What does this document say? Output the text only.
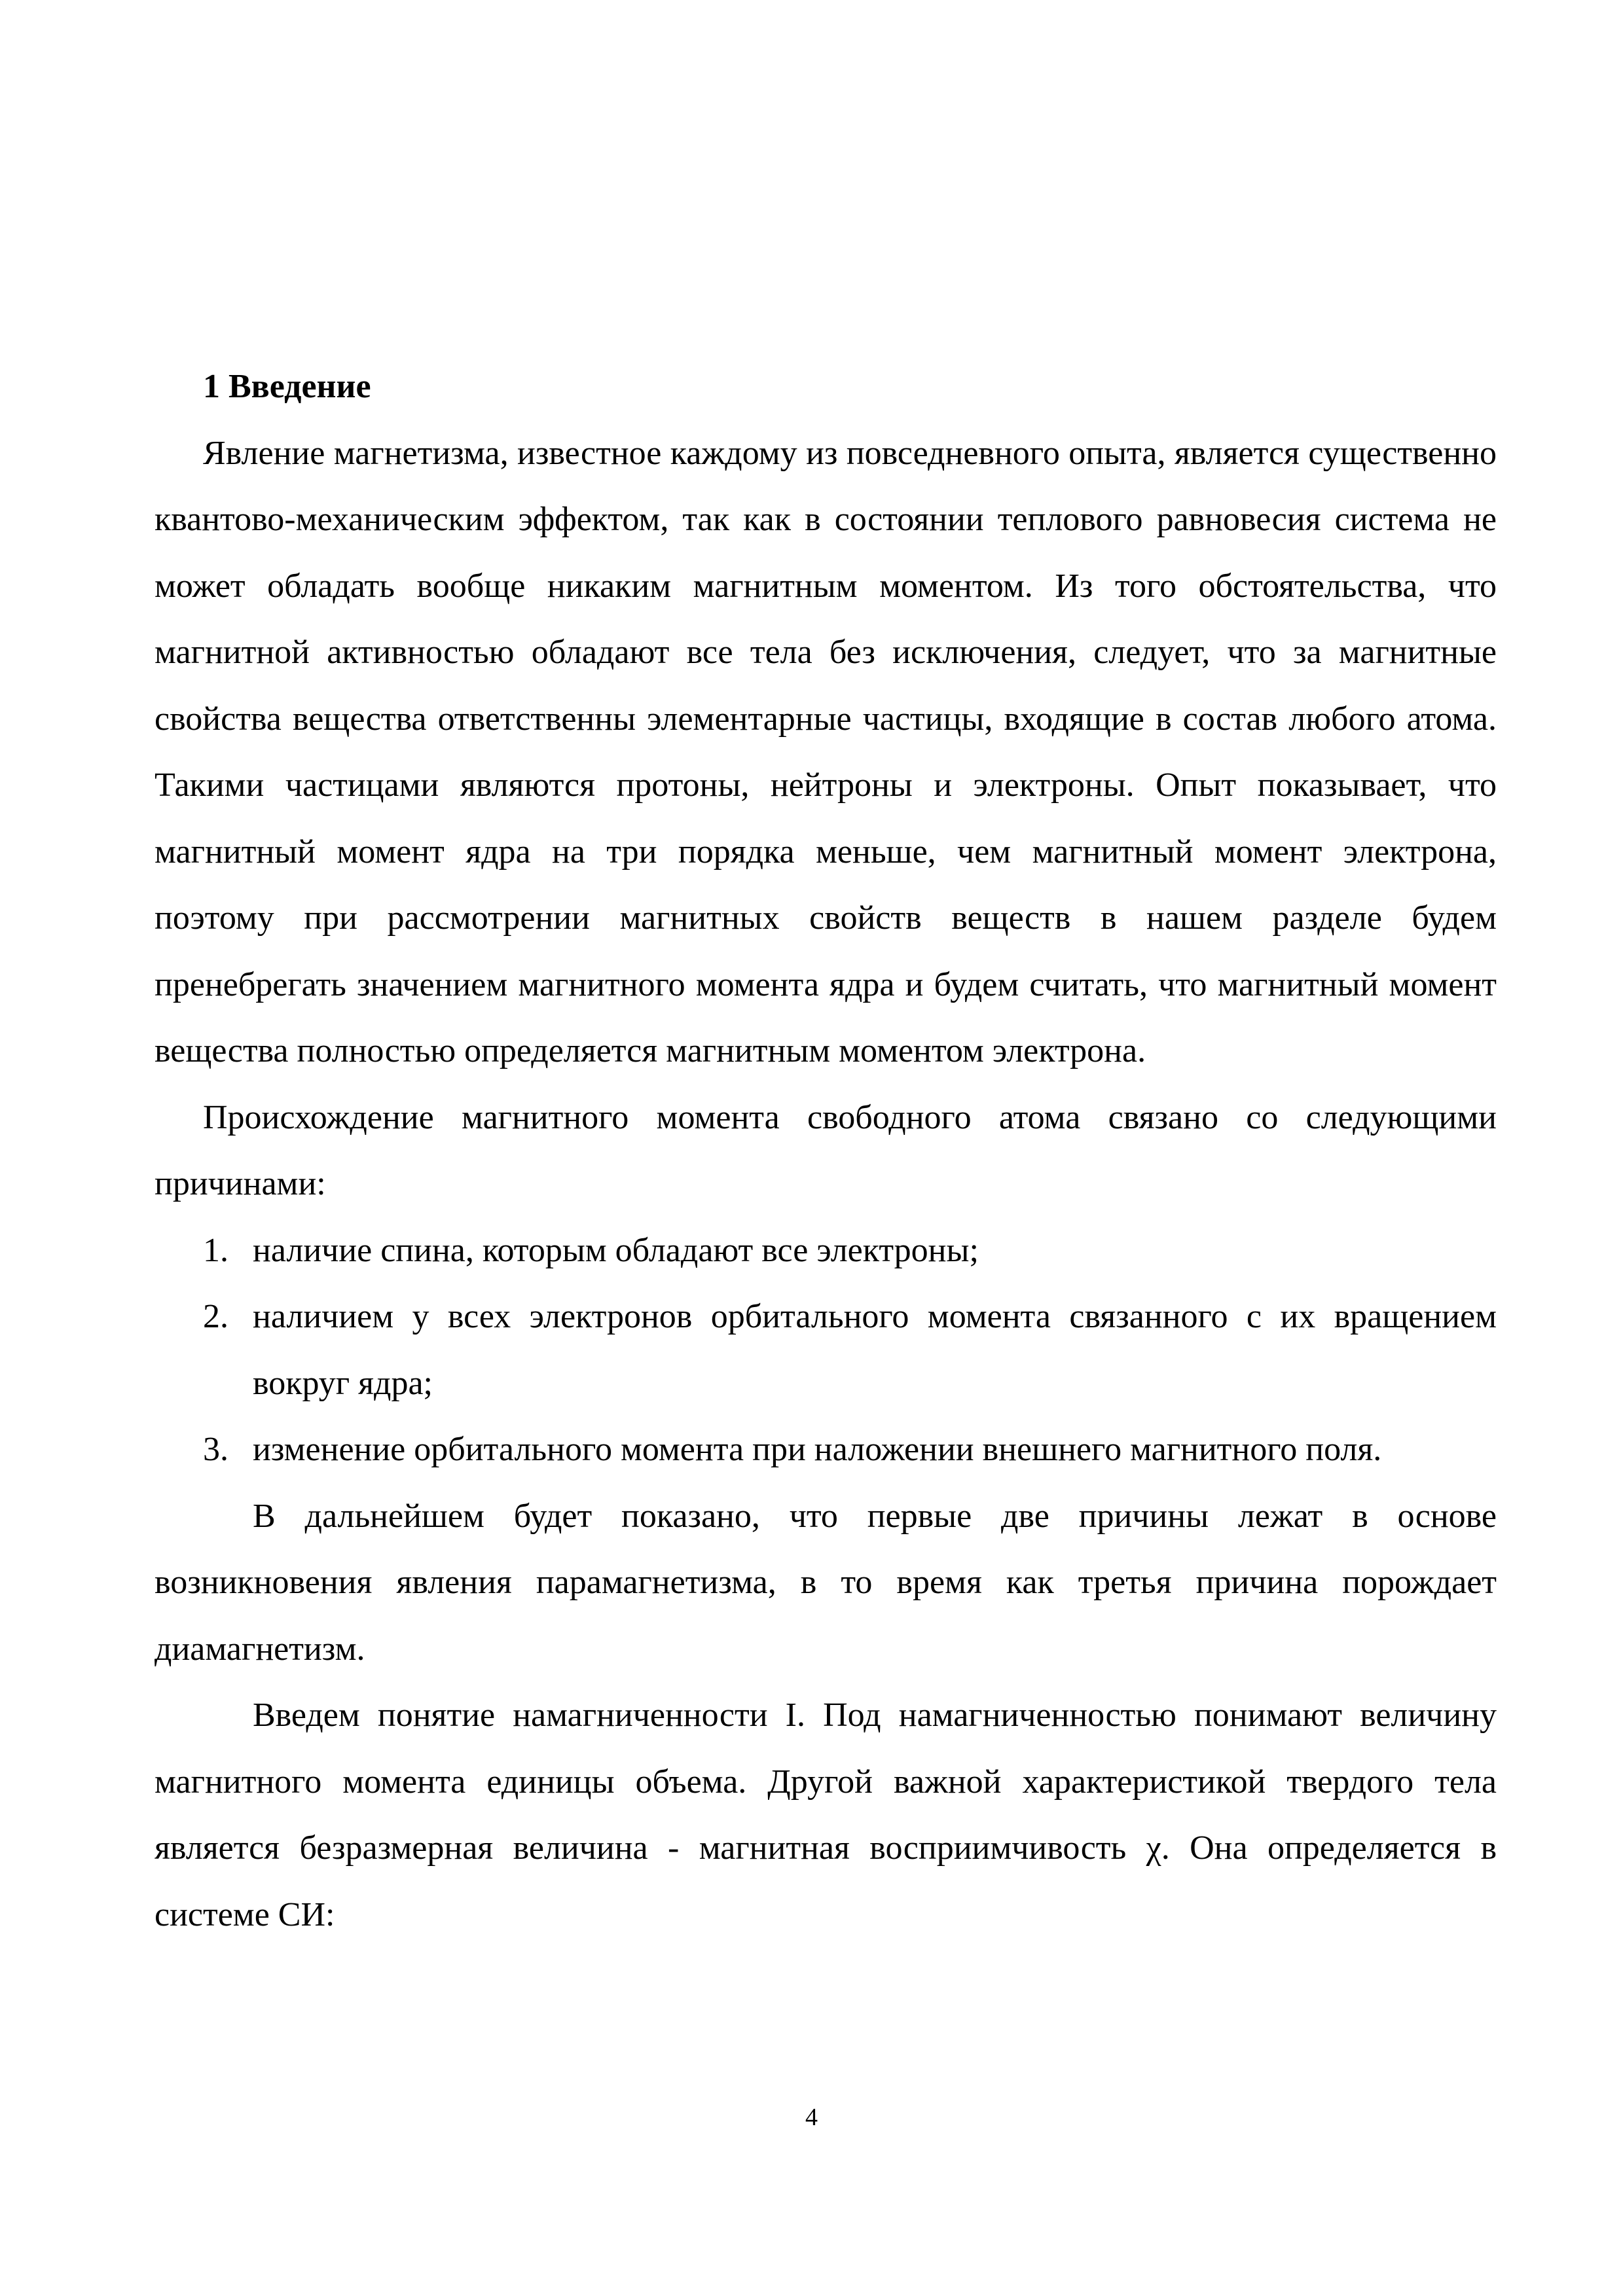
1 Введение

Явление магнетизма, известное каждому из повседневного опыта, является существенно квантово-механическим эффектом, так как в состоянии теплового равновесия система не может обладать вообще никаким магнитным моментом. Из того обстоятельства, что магнитной активностью обладают все тела без исключения, следует, что за магнитные свойства вещества ответственны элементарные частицы, входящие в состав любого атома. Такими частицами являются протоны, нейтроны и электроны. Опыт показывает, что магнитный момент ядра на три порядка меньше, чем магнитный момент электрона, поэтому при рассмотрении магнитных свойств веществ в нашем разделе будем пренебрегать значением магнитного момента ядра и будем считать, что магнитный момент вещества полностью определяется магнитным моментом электрона.

Происхождение магнитного момента свободного атома связано со следующими причинами:

1. наличие спина, которым обладают все электроны;
2. наличием у всех электронов орбитального момента связанного с их вращением вокруг ядра;
3. изменение орбитального момента при наложении внешнего магнитного поля.

В дальнейшем будет показано, что первые две причины лежат в основе возникновения явления парамагнетизма, в то время как третья причина порождает диамагнетизм.

Введем понятие намагниченности I. Под намагниченностью понимают величину магнитного момента единицы объема. Другой важной характеристикой твердого тела является безразмерная величина - магнитная восприимчивость χ. Она определяется в системе СИ:

4
